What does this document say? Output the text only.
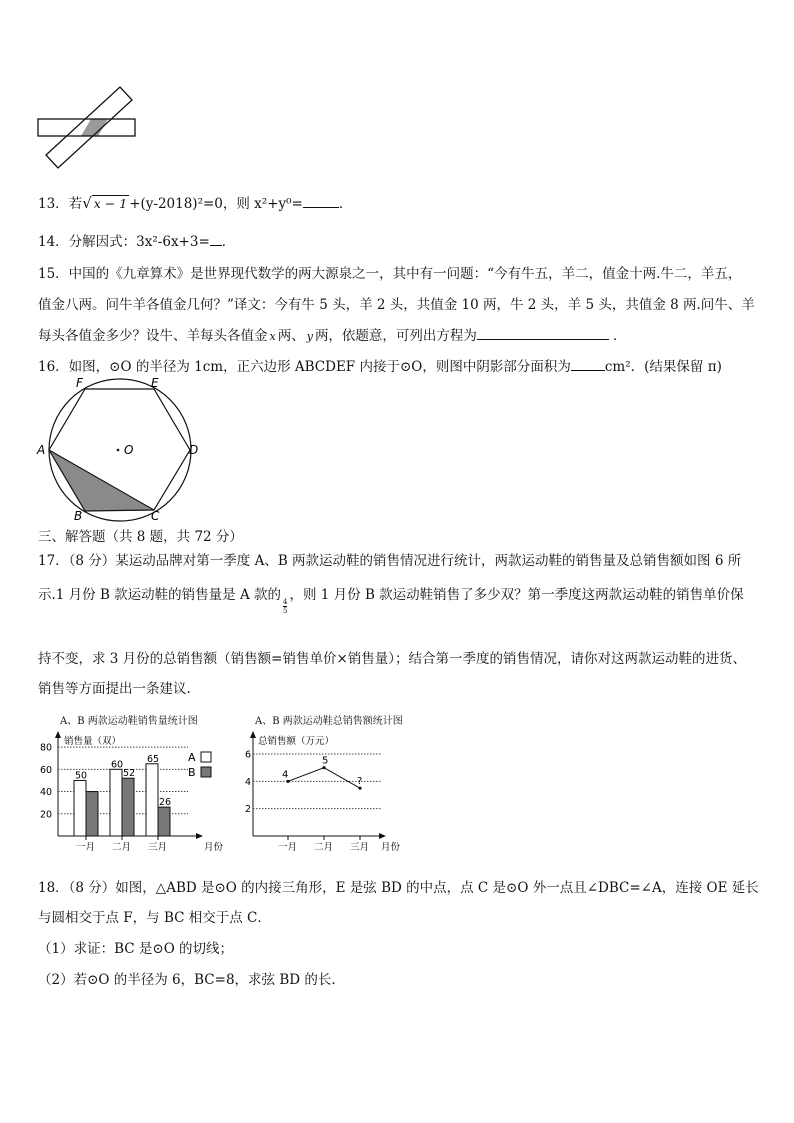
13．若√ x − 1 +(y-2018)²=0，则 x²+y⁰=	．
14．分解因式：3x²-6x+3= ．
15．中国的《九章算术》是世界现代数学的两大源泉之一，其中有一问题：“今有牛五，羊二，值金十两.牛二，羊五，
值金八两。问牛羊各值金几何？”译文：今有牛 5 头，羊 2 头，共值金 10 两，牛 2 头，羊 5 头，共值金 8 两.问牛、羊
每头各值金多少？设牛、羊每头各值金 x 两、 y 两，依题意，可列出方程为	．
16．如图，⊙O 的半径为 1cm，正六边形 ABCDEF 内接于⊙O，则图中阴影部分面积为	cm²．(结果保留 π)
F	E
A	O	D
B	C
三、解答题（共 8 题，共 72 分）
17．（8 分）某运动品牌对第一季度 A、B 两款运动鞋的销售情况进行统计，两款运动鞋的销售量及总销售额如图 6 所
示.1 月份 B 款运动鞋的销售量是 A 款的
$\frac{4}{5}$
，则 1 月份 B 款运动鞋销售了多少双？第一季度这两款运动鞋的销售单价保
持不变，求 3 月份的总销售额（销售额=销售单价×销售量）；结合第一季度的销售情况，请你对这两款运动鞋的进货、
销售等方面提出一条建议.
A、B 两款运动鞋销售量统计图
销售量（双）
月份
20
40
60
80
50
一月
60
52
二月
65
26
三月
A
B
A、B 两款运动鞋总销售额统计图
总销售额（万元）
月份
2
4
6
4
一月
5
二月
?
三月
18．（8 分）如图，△ABD 是⊙O 的内接三角形，E 是弦 BD 的中点，点 C 是⊙O 外一点且∠DBC=∠A，连接 OE 延长
与圆相交于点 F，与 BC 相交于点 C．
（1）求证：BC 是⊙O 的切线；
（2）若⊙O 的半径为 6，BC=8，求弦 BD 的长．
